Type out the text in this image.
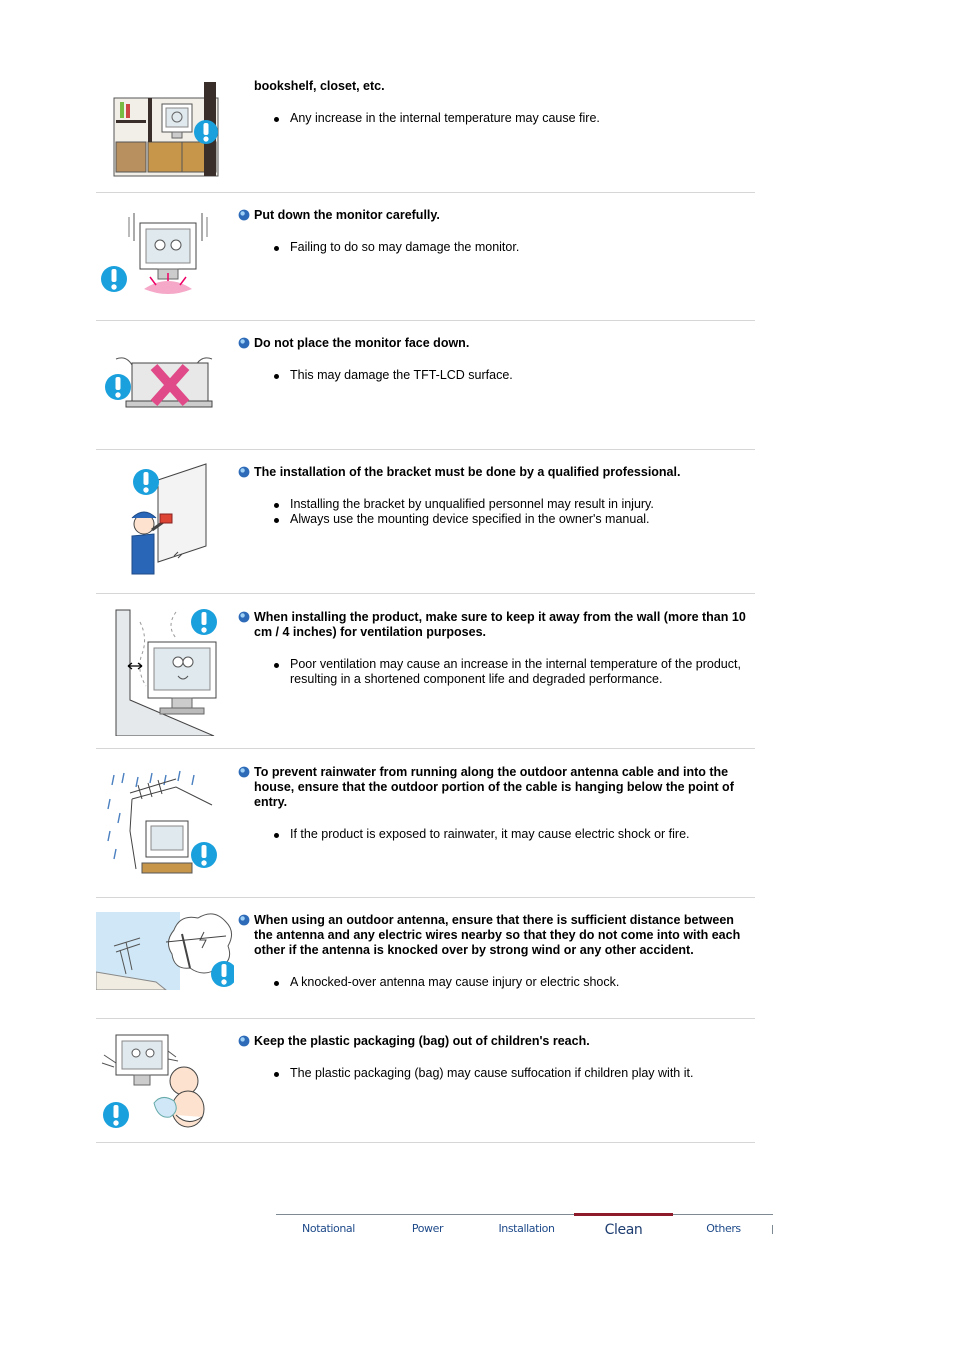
bookshelf, closet, etc.
Any increase in the internal temperature may cause fire.
Put down the monitor carefully.
Failing to do so may damage the monitor.
Do not place the monitor face down.
This may damage the TFT-LCD surface.
The installation of the bracket must be done by a qualified professional.
Installing the bracket by unqualified personnel may result in injury.
Always use the mounting device specified in the owner's manual.
When installing the product, make sure to keep it away from the wall (more than 10 cm / 4 inches) for ventilation purposes.
Poor ventilation may cause an increase in the internal temperature of the product, resulting in a shortened component life and degraded performance.
To prevent rainwater from running along the outdoor antenna cable and into the house, ensure that the outdoor portion of the cable is hanging below the point of entry.
If the product is exposed to rainwater, it may cause electric shock or fire.
When using an outdoor antenna, ensure that there is sufficient distance between the antenna and any electric wires nearby so that they do not come into with each other if the antenna is knocked over by strong wind or any other accident.
A knocked-over antenna may cause injury or electric shock.
Keep the plastic packaging (bag) out of children's reach.
The plastic packaging (bag) may cause suffocation if children play with it.
Notational	Power	Installation	Clean	Others
